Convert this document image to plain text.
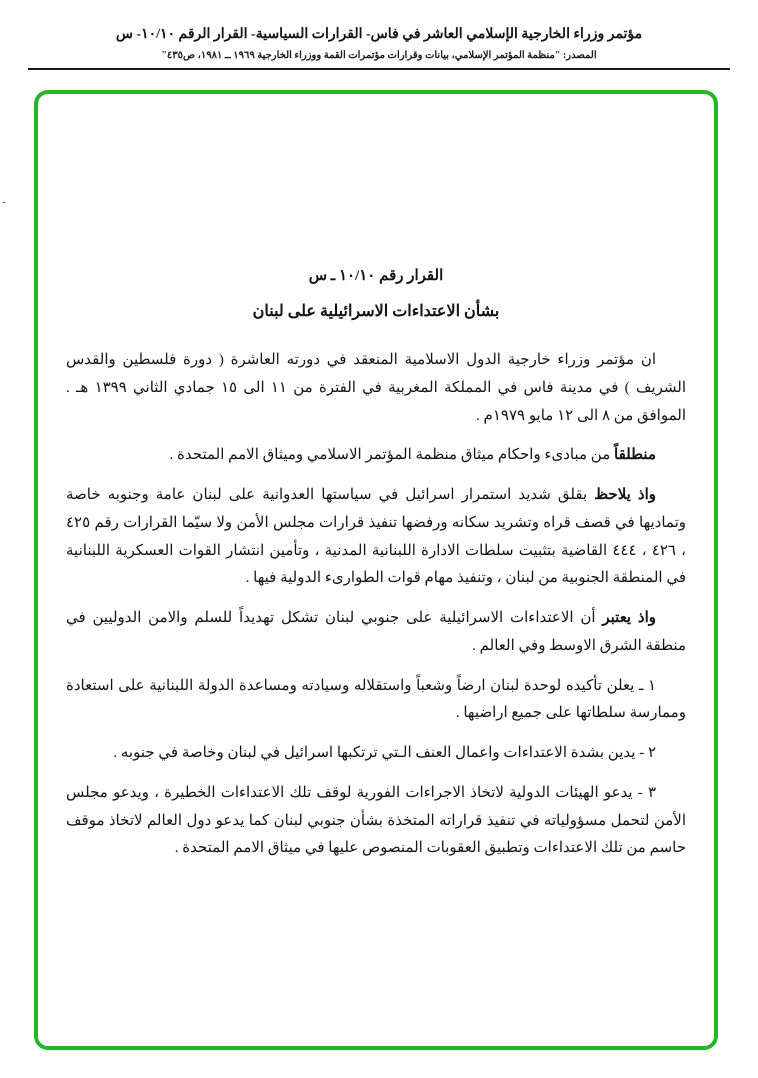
مؤتمر وزراء الخارجية الإسلامي العاشر في فاس- القرارات السياسية- القرار الرقم ١٠/١٠- س
المصدر: "منظمة المؤتمر الإسلامي، بيانات وقرارات مؤتمرات القمة ووزراء الخارجية ١٩٦٩ ــ ١٩٨١، ص٤٣٥"
-
القرار رقم ١٠/١٠ ـ س
بشأن الاعتداءات الاسرائيلية على لبنان

ان مؤتمر وزراء خارجية الدول الاسلامية المنعقد في دورته العاشرة ( دورة فلسطين والقدس الشريف ) في مدينة فاس في المملكة المغربية في الفترة من ١١ الى ١٥ جمادي الثاني ١٣٩٩ هـ . الموافق من ٨ الى ١٢ مايو ١٩٧٩م .

منطلقاً من مبادىء واحكام ميثاق منظمة المؤتمر الاسلامي وميثاق الامم المتحدة .

واذ يلاحظ بقلق شديد استمرار اسرائيل في سياستها العدوانية على لبنان عامة وجنوبه خاصة وتماديها في قصف قراه وتشريد سكانه ورفضها تنفيذ قرارات مجلس الأمن ولا سيّما القرارات رقم ٤٢٥ ، ٤٢٦ ، ٤٤٤ القاضية بتثبيت سلطات الادارة اللبنانية المدنية ، وتأمين انتشار القوات العسكرية اللبنانية في المنطقة الجنوبية من لبنان ، وتنفيذ مهام قوات الطوارىء الدولية فيها .

واذ يعتبر أن الاعتداءات الاسرائيلية على جنوبي لبنان تشكل تهديداً للسلم والامن الدوليين في منطقة الشرق الاوسط وفي العالم .

١ ـ يعلن تأكيده لوحدة لبنان ارضاً وشعباً واستقلاله وسيادته ومساعدة الدولة اللبنانية على استعادة وممارسة سلطاتها على جميع اراضيها .

٢ - يدين بشدة الاعتداءات واعمال العنف الـتي ترتكبها اسرائيل في لبنان وخاصة في جنوبه .

٣ - يدعو الهيئات الدولية لاتخاذ الاجراءات الفورية لوقف تلك الاعتداءات الخطيرة ، ويدعو مجلس الأمن لتحمل مسؤولياته في تنفيذ قراراته المتخذة بشأن جنوبي لبنان كما يدعو دول العالم لاتخاذ موقف حاسم من تلك الاعتداءات وتطبيق العقوبات المنصوص عليها في ميثاق الامم المتحدة .
